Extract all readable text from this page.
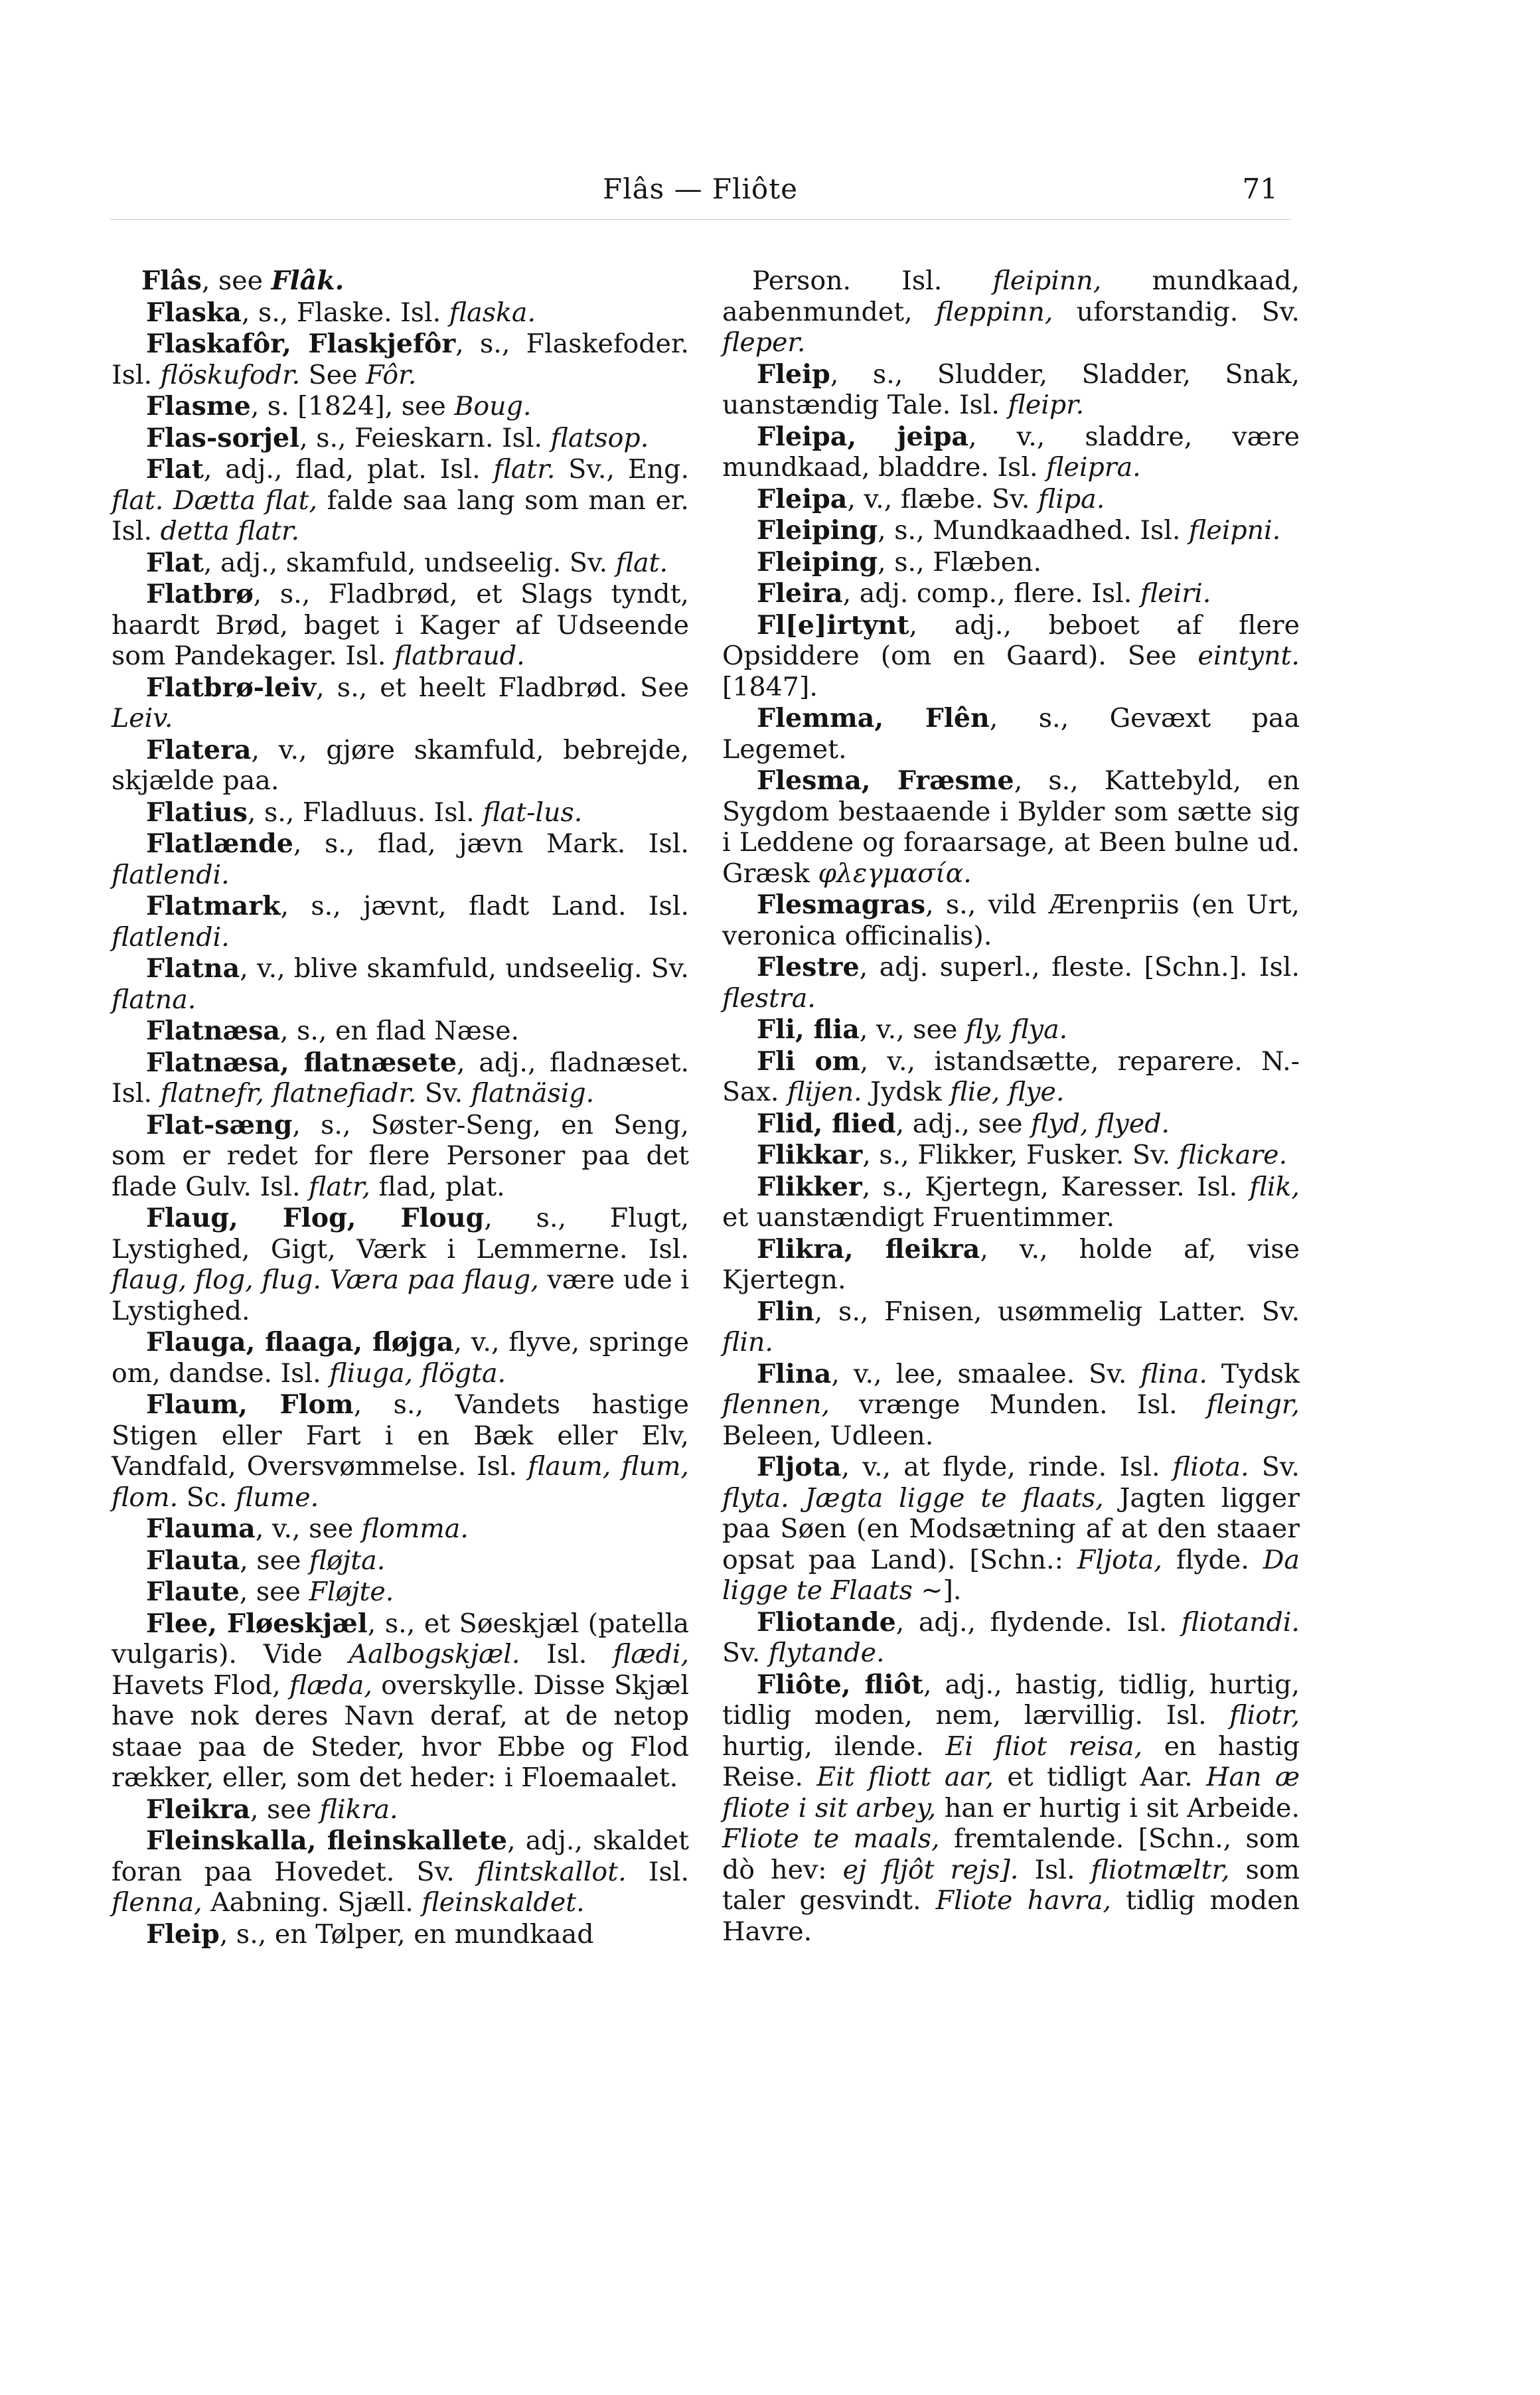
Flâs — Fliôte	71
Flâs, see Flâk.
Flaska, s., Flaske. Isl. flaska.
Flaskafôr, Flaskjefôr, s., Flaskefoder. Isl. flöskufodr. See Fôr.
Flasme, s. [1824], see Boug.
Flas-sorjel, s., Feieskarn. Isl. flatsop.
Flat, adj., flad, plat. Isl. flatr. Sv., Eng. flat. Dætta flat, falde saa lang som man er. Isl. detta flatr.
Flat, adj., skamfuld, undseelig. Sv. flat.
Flatbrø, s., Fladbrød, et Slags tyndt, haardt Brød, baget i Kager af Udseende som Pandekager. Isl. flatbraud.
Flatbrø-leiv, s., et heelt Fladbrød. See Leiv.
Flatera, v., gjøre skamfuld, bebrejde, skjælde paa.
Flatius, s., Fladluus. Isl. flat-lus.
Flatlænde, s., flad, jævn Mark. Isl. flatlendi.
Flatmark, s., jævnt, fladt Land. Isl. flatlendi.
Flatna, v., blive skamfuld, undseelig. Sv. flatna.
Flatnæsa, s., en flad Næse.
Flatnæsa, flatnæsete, adj., fladnæset. Isl. flatnefr, flatnefiadr. Sv. flatnäsig.
Flat-sæng, s., Søster-Seng, en Seng, som er redet for flere Personer paa det flade Gulv. Isl. flatr, flad, plat.
Flaug, Flog, Floug, s., Flugt, Lystighed, Gigt, Værk i Lemmerne. Isl. flaug, flog, flug. Væra paa flaug, være ude i Lystighed.
Flauga, flaaga, fløjga, v., flyve, springe om, dandse. Isl. fliuga, flögta.
Flaum, Flom, s., Vandets hastige Stigen eller Fart i en Bæk eller Elv, Vandfald, Oversvømmelse. Isl. flaum, flum, flom. Sc. flume.
Flauma, v., see flomma.
Flauta, see fløjta.
Flaute, see Fløjte.
Flee, Fløeskjæl, s., et Søeskjæl (patella vulgaris). Vide Aalbogskjæl. Isl. flædi, Havets Flod, flæda, overskylle. Disse Skjæl have nok deres Navn deraf, at de netop staae paa de Steder, hvor Ebbe og Flod rækker, eller, som det heder: i Floemaalet.
Fleikra, see flikra.
Fleinskalla, fleinskallete, adj., skaldet foran paa Hovedet. Sv. flintskallot. Isl. flenna, Aabning. Sjæll. fleinskaldet.
Fleip, s., en Tølper, en mundkaad
Person. Isl. fleipinn, mundkaad, aabenmundet, fleppinn, uforstandig. Sv. fleper.
Fleip, s., Sludder, Sladder, Snak, uanstændig Tale. Isl. fleipr.
Fleipa, jeipa, v., sladdre, være mundkaad, bladdre. Isl. fleipra.
Fleipa, v., flæbe. Sv. flipa.
Fleiping, s., Mundkaadhed. Isl. fleipni.
Fleiping, s., Flæben.
Fleira, adj. comp., flere. Isl. fleiri.
Fl[e]irtynt, adj., beboet af flere Opsiddere (om en Gaard). See eintynt. [1847].
Flemma, Flên, s., Gevæxt paa Legemet.
Flesma, Fræsme, s., Kattebyld, en Sygdom bestaaende i Bylder som sætte sig i Leddene og foraarsage, at Been bulne ud. Græsk φλεγμασία.
Flesmagras, s., vild Ærenpriis (en Urt, veronica officinalis).
Flestre, adj. superl., fleste. [Schn.]. Isl. flestra.
Fli, flia, v., see fly, flya.
Fli om, v., istandsætte, reparere. N.-Sax. flijen. Jydsk flie, flye.
Flid, flied, adj., see flyd, flyed.
Flikkar, s., Flikker, Fusker. Sv. flickare.
Flikker, s., Kjertegn, Karesser. Isl. flik, et uanstændigt Fruentimmer.
Flikra, fleikra, v., holde af, vise Kjertegn.
Flin, s., Fnisen, usømmelig Latter. Sv. flin.
Flina, v., lee, smaalee. Sv. flina. Tydsk flennen, vrænge Munden. Isl. fleingr, Beleen, Udleen.
Fljota, v., at flyde, rinde. Isl. fliota. Sv. flyta. Jægta ligge te flaats, Jagten ligger paa Søen (en Modsætning af at den staaer opsat paa Land). [Schn.: Fljota, flyde. Da ligge te Flaats ~].
Fliotande, adj., flydende. Isl. fliotandi. Sv. flytande.
Fliôte, fliôt, adj., hastig, tidlig, hurtig, tidlig moden, nem, lærvillig. Isl. fliotr, hurtig, ilende. Ei fliot reisa, en hastig Reise. Eit fliott aar, et tidligt Aar. Han æ fliote i sit arbey, han er hurtig i sit Arbeide. Fliote te maals, fremtalende. [Schn., som dò hev: ej fljôt rejs]. Isl. fliotmæltr, som taler gesvindt. Fliote havra, tidlig moden Havre.
